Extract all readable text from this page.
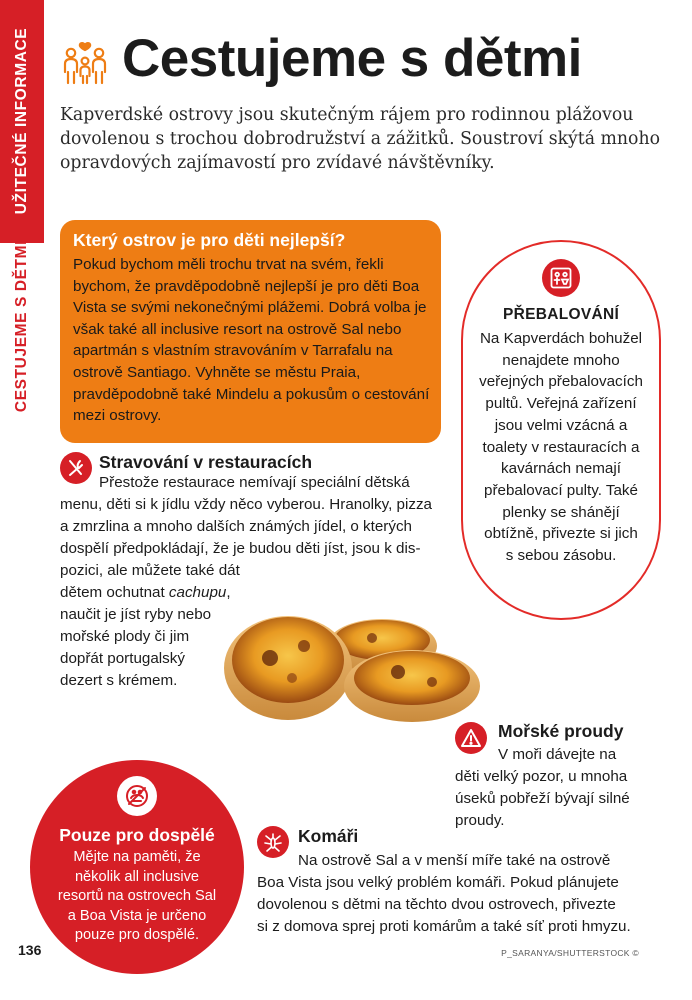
UŽITEČNÉ INFORMACE
CESTUJEME S DĚTMI
Cestujeme s dětmi

Kapverdské ostrovy jsou skutečným rájem pro rodinnou plážovou dovolenou s trochou dobrodružství a zážitků. Soustroví skýtá mnoho opravdových zajímavostí pro zvídavé návštěvníky.

Který ostrov je pro děti nejlepší?
Pokud bychom měli trochu trvat na svém, řekli bychom, že pravděpodobně nejlepší je pro děti Boa Vista se svými nekonečnými plážemi. Dobrá volba je však také all inclusive resort na ostrově Sal nebo apartmán s vlastním stravováním v Tarrafalu na ostrově Santiago. Vyhněte se městu Praia, pravděpodobně také Mindelu a pokusům o cestování mezi ostrovy.
PŘEBALOVÁNÍ
Na Kapverdách bohužel nenajdete mnoho veřejných přebalovacích pultů. Veřejná zařízení jsou velmi vzácná a toalety v restauracích a kavárnách nemají přebalovací pulty. Také plenky se shánějí obtížně, přivezte si jich s sebou zásobu.
Stravování v restauracích
Přestože restaurace nemívají speciální dětská
menu, děti si k jídlu vždy něco vyberou. Hranolky, pizza
a zmrzlina a mnoho dalších známých jídel, o kterých
dospělí předpokládají, že je budou děti jíst, jsou k dis-
pozici, ale můžete také dát
dětem ochutnat cachupu,
naučit je jíst ryby nebo
mořské plody či jim
dopřát portugalský
dezert s krémem.
Mořské proudy
V moři dávejte na
děti velký pozor, u mnoha
úseků pobřeží bývají silné
proudy.
Pouze pro dospělé
Mějte na paměti, že několik all inclusive resortů na ostrovech Sal a Boa Vista je určeno pouze pro dospělé.
Komáři
Na ostrově Sal a v menší míře také na ostrově
Boa Vista jsou velký problém komáři. Pokud plánujete
dovolenou s dětmi na těchto dvou ostrovech, přivezte
si z domova sprej proti komárům a také síť proti hmyzu.
136	P_SARANYA/SHUTTERSTOCK ©
